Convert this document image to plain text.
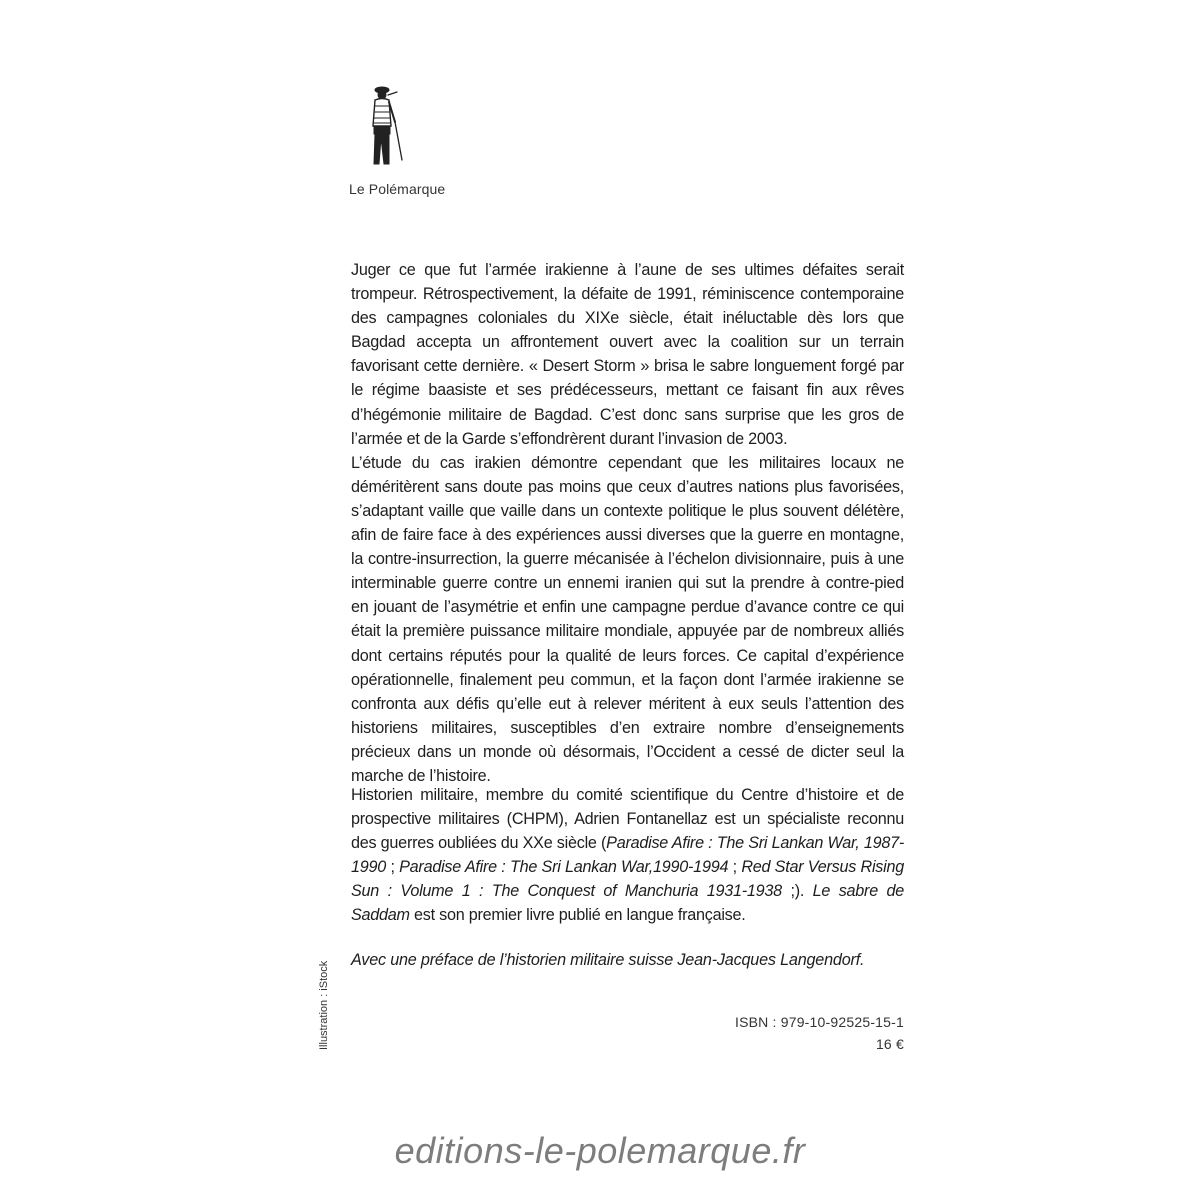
Le Polémarque

Juger ce que fut l’armée irakienne à l’aune de ses ultimes défaites serait trompeur. Rétrospectivement, la défaite de 1991, réminiscence contemporaine des campagnes coloniales du XIXe siècle, était inéluctable dès lors que Bagdad accepta un affrontement ouvert avec la coalition sur un terrain favorisant cette dernière. « Desert Storm » brisa le sabre longuement forgé par le régime baasiste et ses prédécesseurs, mettant ce faisant fin aux rêves d’hégémonie militaire de Bagdad. C’est donc sans surprise que les gros de l’armée et de la Garde s’effondrèrent durant l’invasion de 2003.

L’étude du cas irakien démontre cependant que les militaires locaux ne déméritèrent sans doute pas moins que ceux d’autres nations plus favorisées, s’adaptant vaille que vaille dans un contexte politique le plus souvent délétère, afin de faire face à des expériences aussi diverses que la guerre en montagne, la contre-insurrection, la guerre mécanisée à l’échelon divisionnaire, puis à une interminable guerre contre un ennemi iranien qui sut la prendre à contre-pied en jouant de l’asymétrie et enfin une campagne perdue d’avance contre ce qui était la première puissance militaire mondiale, appuyée par de nombreux alliés dont certains réputés pour la qualité de leurs forces. Ce capital d’expérience opérationnelle, finalement peu commun, et la façon dont l’armée irakienne se confronta aux défis qu’elle eut à relever méritent à eux seuls l’attention des historiens militaires, susceptibles d’en extraire nombre d’enseignements précieux dans un monde où désormais, l’Occident a cessé de dicter seul la marche de l’histoire.

Historien militaire, membre du comité scientifique du Centre d’histoire et de prospective militaires (CHPM), Adrien Fontanellaz est un spécialiste reconnu des guerres oubliées du XXe siècle (Paradise Afire : The Sri Lankan War, 1987-1990 ; Paradise Afire : The Sri Lankan War,1990-1994 ; Red Star Versus Rising Sun : Volume 1 : The Conquest of Manchuria 1931-1938 ;). Le sabre de Saddam est son premier livre publié en langue française.
Avec une préface de l’historien militaire suisse Jean-Jacques Langendorf.
Illustration : iStock	ISBN : 979-10-92525-15-1
16 €
editions-le-polemarque.fr
